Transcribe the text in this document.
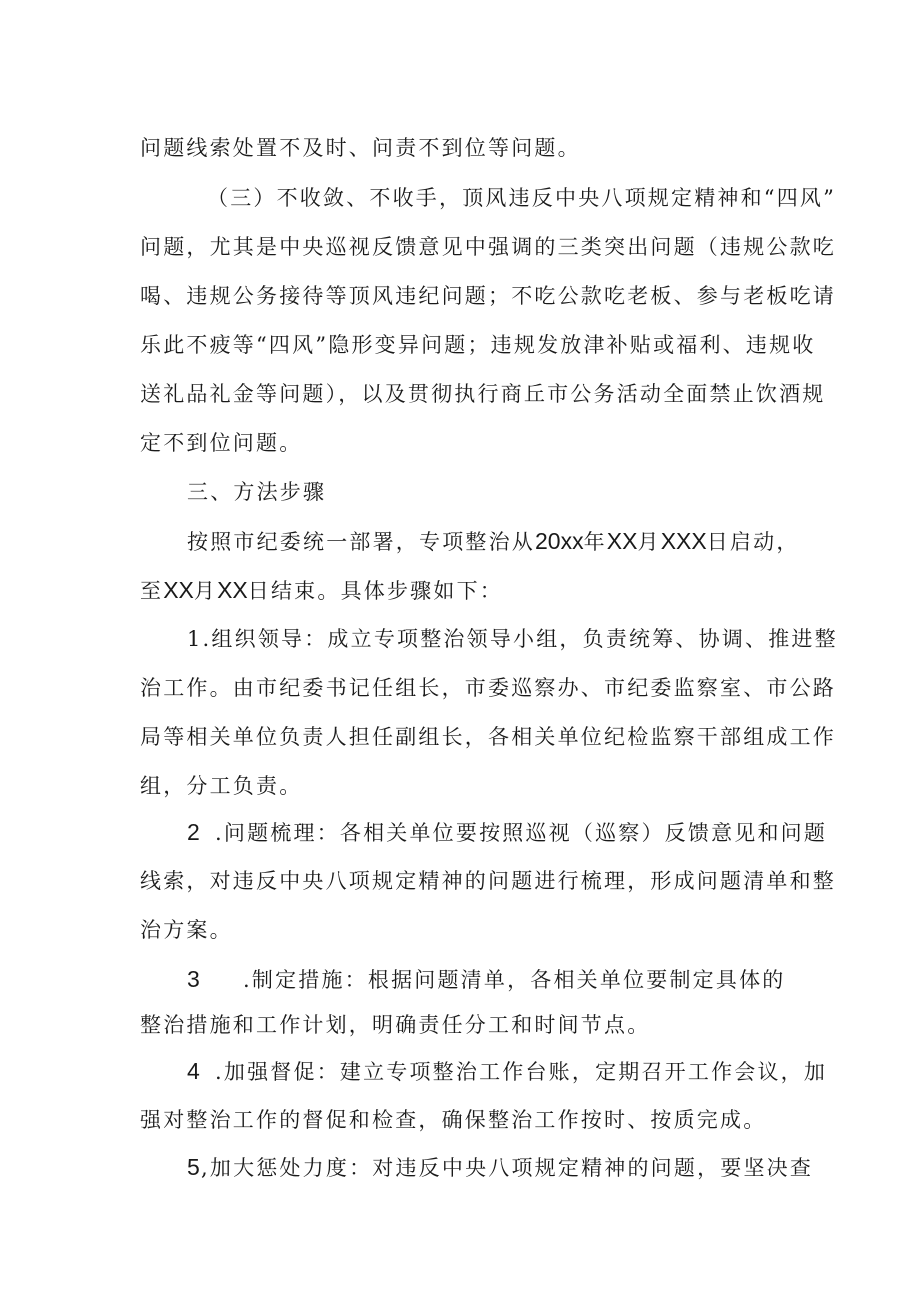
问题线索处置不及时、问责不到位等问题。

（三）不收敛、不收手，顶风违反中央八项规定精神和“四风”

问题，尤其是中央巡视反馈意见中强调的三类突出问题（违规公款吃

喝、违规公务接待等顶风违纪问题；不吃公款吃老板、参与老板吃请

乐此不疲等“四风”隐形变异问题；违规发放津补贴或福利、违规收

送礼品礼金等问题），以及贯彻执行商丘市公务活动全面禁止饮酒规

定不到位问题。

三、方法步骤

按照市纪委统一部署，专项整治从20xx年XX月XXX日启动，

至XX月XX日结束。具体步骤如下：

1.组织领导：成立专项整治领导小组，负责统筹、协调、推进整

治工作。由市纪委书记任组长，市委巡察办、市纪委监察室、市公路

局等相关单位负责人担任副组长，各相关单位纪检监察干部组成工作

组，分工负责。

2 .问题梳理：各相关单位要按照巡视（巡察）反馈意见和问题

线索，对违反中央八项规定精神的问题进行梳理，形成问题清单和整

治方案。

3 .制定措施：根据问题清单，各相关单位要制定具体的

整治措施和工作计划，明确责任分工和时间节点。

4 .加强督促：建立专项整治工作台账，定期召开工作会议，加

强对整治工作的督促和检查，确保整治工作按时、按质完成。

5,加大惩处力度：对违反中央八项规定精神的问题，要坚决查
